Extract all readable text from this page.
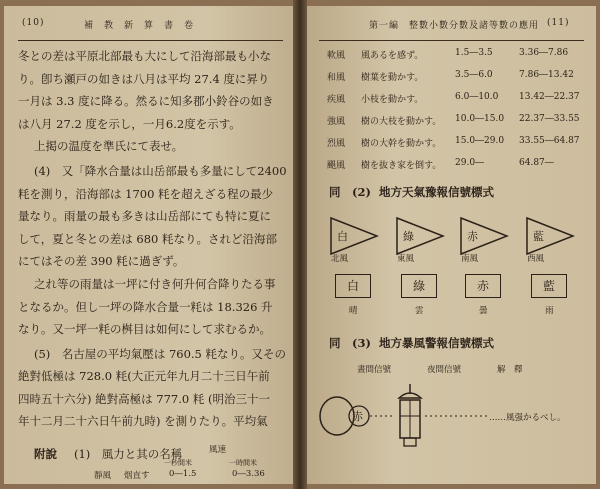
(10)	補　教　新　算　書　卷
冬との差は平原北部最も大にして沿海部最も小な
り。卽ち瀬戸の如きは八月は平均 27.4 度に昇り
一月は 3.3 度に降る。然るに知多郡小鈴谷の如き
は八月 27.2 度を示し，一月6.2度を示す。
上掲の温度を準氏にて表せ。
(4)　又「降水合量は山岳部最も多量にして2400
粍を測り，沿海部は 1700 粍を超えざる程の最少
量なり。雨量の最も多きは山岳部にても特に夏に
して，夏と冬との差は 680 粍なり。されど沿海部
にてはその差 390 粍に過ぎず。
之れ等の雨量は一坪に付き何升何合降りたる事
となるか。但し一坪の降水合量一粍は 18.326 升
なり。又一坪一粍の桝目は如何にして求むるか。
(5)　名古屋の平均氣壓は 760.5 粍なり。又その
絶對低極は 728.0 粍(大正元年九月二十三日午前
四時五十六分) 絶對高極は 777.0 粍 (明治三十一
年十二月二十六日午前九時) を測りたり。平均氣
附說 (1)　風力と其の名稱	風速
一秒間米	一時間米
靜風 烟直す 0―1.5	0―3.36
第一編　整數小數分數及諸等數の應用 (11)
軟風 風あるを感ず。	1.5―3.5	3.36―7.86
和風 樹葉を動かす。	3.5―6.0	7.86―13.42
疾風 小枝を動かす。	6.0―10.0 13.42―22.37
強風 樹の大枝を動かす。 10.0―15.0 22.37―33.55
烈風 樹の大幹を動かす。 15.0―29.0 33.55―64.87
颶風 樹を抜き家を倒す。 29.0―	64.87―
同　(2) 地方天氣豫報信號標式
白
北風
綠
東風
赤
南風
藍
西風
白
晴
綠
雲
赤
曇
藍
雨
同　(3) 地方暴風警報信號標式
晝間信號	夜間信號	解　釋
赤	……風强かるべし。
